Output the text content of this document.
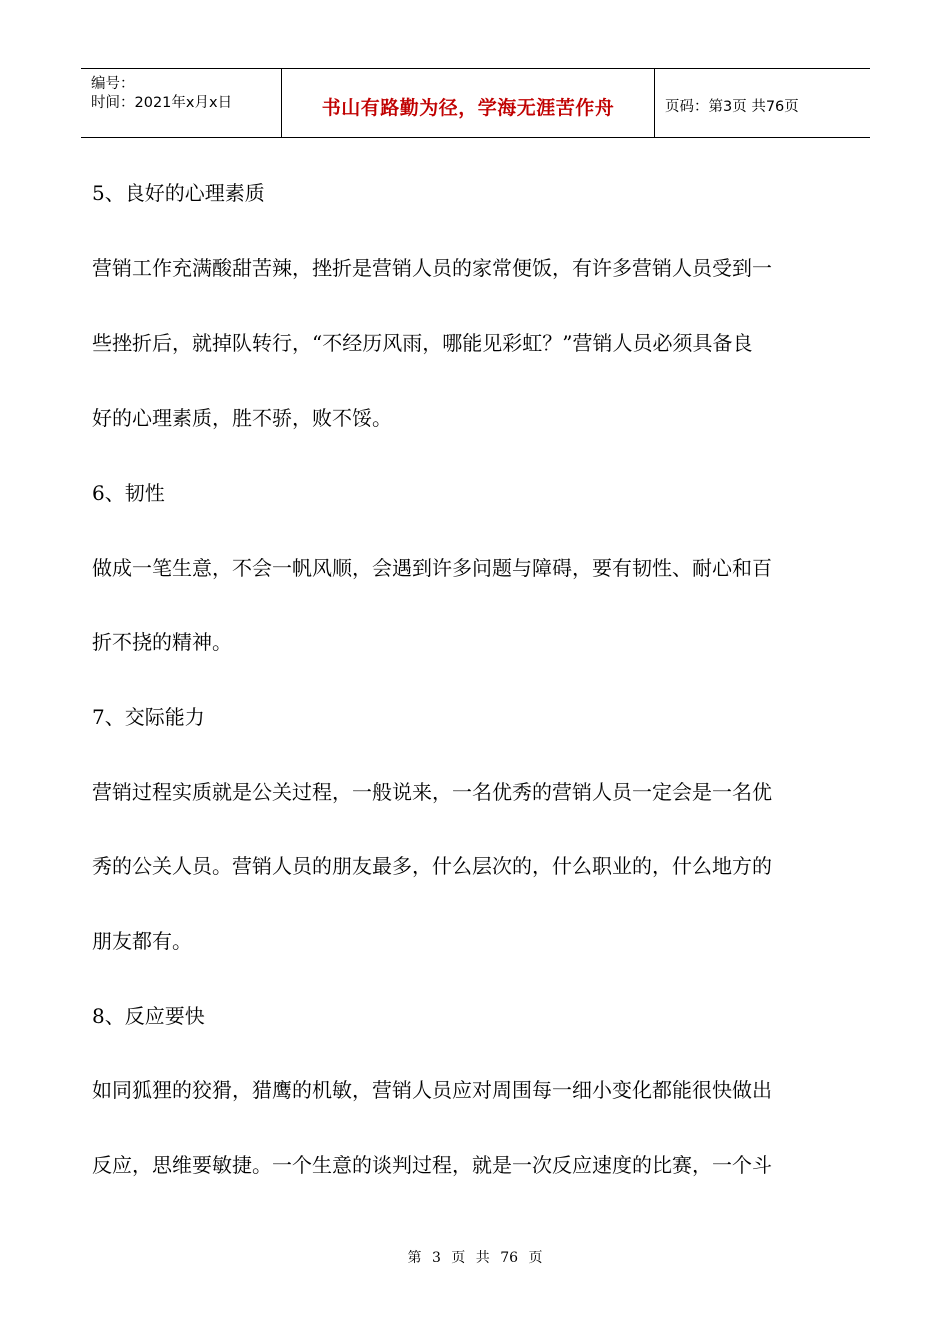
编号：
时间：2021年x月x日	书山有路勤为径，学海无涯苦作舟	页码：第3页 共76页
5、良好的心理素质
营销工作充满酸甜苦辣，挫折是营销人员的家常便饭，有许多营销人员受到一
些挫折后，就掉队转行，“不经历风雨，哪能见彩虹？”营销人员必须具备良
好的心理素质，胜不骄，败不馁。
6、韧性
做成一笔生意，不会一帆风顺，会遇到许多问题与障碍，要有韧性、耐心和百
折不挠的精神。
7、交际能力
营销过程实质就是公关过程，一般说来，一名优秀的营销人员一定会是一名优
秀的公关人员。营销人员的朋友最多，什么层次的，什么职业的，什么地方的
朋友都有。
8、反应要快
如同狐狸的狡猾，猎鹰的机敏，营销人员应对周围每一细小变化都能很快做出
反应，思维要敏捷。一个生意的谈判过程，就是一次反应速度的比赛，一个斗
第 3 页 共 76 页
